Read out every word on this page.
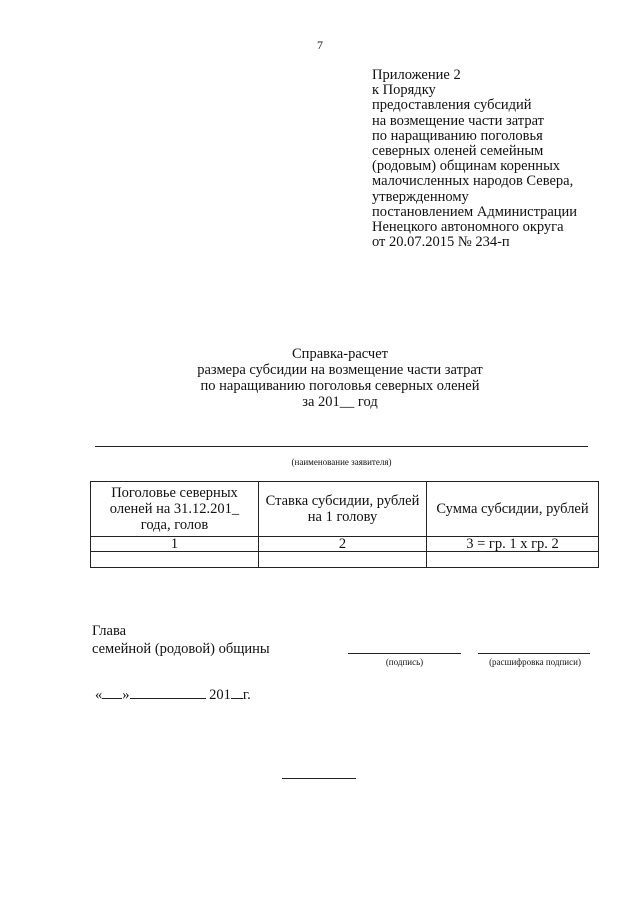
7
Приложение 2
к Порядку
предоставления субсидий
на возмещение части затрат
по наращиванию поголовья
северных оленей семейным
(родовым) общинам коренных
малочисленных народов Севера,
утвержденному
постановлением Администрации
Ненецкого автономного округа
от 20.07.2015 № 234-п
Справка-расчет
размера субсидии на возмещение части затрат
по наращиванию поголовья северных оленей
за 201__ год
(наименование заявителя)
Поголовье северных оленей на 31.12.201_ года, голов	Ставка субсидии, рублей на 1 голову	Сумма субсидии, рублей
1	2	3 = гр. 1 х гр. 2

Глава
семейной (родовой) общины
(подпись)	(расшифровка подписи)
« »	201 г.
